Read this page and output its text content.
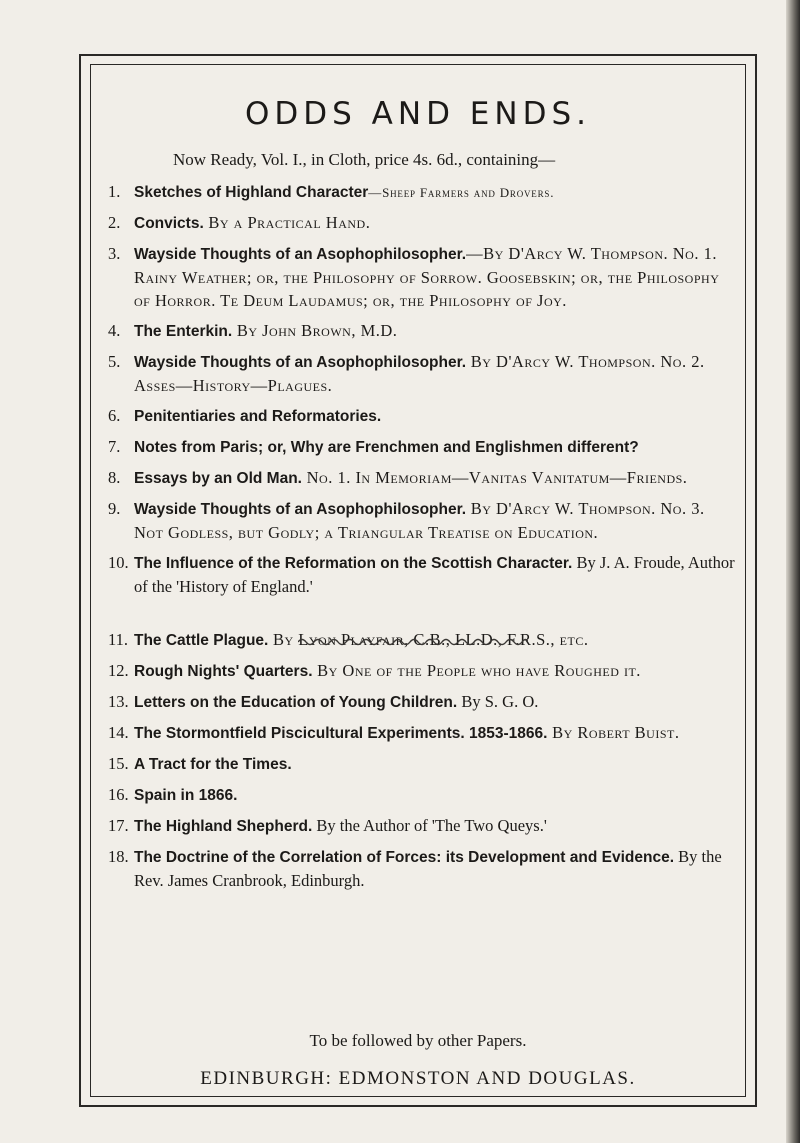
ODDS AND ENDS.
Now Ready, Vol. I., in Cloth, price 4s. 6d., containing—
1. Sketches of Highland Character—Sheep Farmers and Drovers.
2. Convicts. By a Practical Hand.
3. Wayside Thoughts of an Asophophilosopher.—By D'Arcy W. Thompson. No. 1. Rainy Weather; or, the Philosophy of Sorrow. Goosebskin; or, the Philosophy of Horror. Te Deum Laudamus; or, the Philosophy of Joy.
4. The Enterkin. By John Brown, M.D.
5. Wayside Thoughts of an Asophophilosopher. By D'Arcy W. Thompson. No. 2. Asses—History—Plagues.
6. Penitentiaries and Reformatories.
7. Notes from Paris; or, Why are Frenchmen and Englishmen different?
8. Essays by an Old Man. No. 1. In Memoriam—Vanitas Vanitatum—Friends.
9. Wayside Thoughts of an Asophophilosopher. By D'Arcy W. Thompson. No. 3. Not Godless, but Godly; a Triangular Treatise on Education.
10. The Influence of the Reformation on the Scottish Character. By J. A. Froude, Author of the 'History of England.'
11. The Cattle Plague. By Lyon Playfair, C.B., LL.D., F.R.S., etc.
12. Rough Nights' Quarters. By One of the People who have Roughed it.
13. Letters on the Education of Young Children. By S. G. O.
14. The Stormontfield Piscicultural Experiments. 1853-1866. By Robert Buist.
15. A Tract for the Times.
16. Spain in 1866.
17. The Highland Shepherd. By the Author of 'The Two Queys.'
18. The Doctrine of the Correlation of Forces: its Development and Evidence. By the Rev. James Cranbrook, Edinburgh.
To be followed by other Papers.
EDINBURGH: EDMONSTON AND DOUGLAS.
